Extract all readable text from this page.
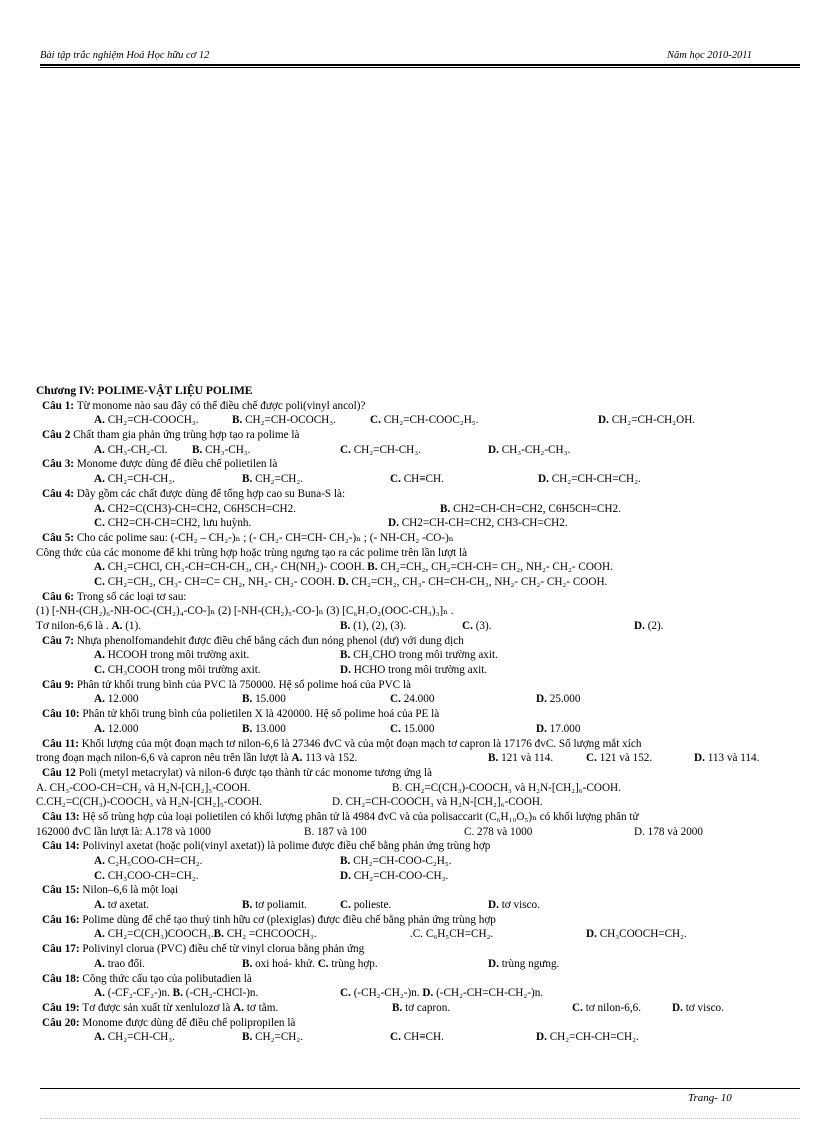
Bài tập trắc nghiệm Hoá Học hữu cơ 12	Năm học 2010-2011
Chương IV: POLIME-VẬT LIỆU POLIME
Câu 1: Từ monome nào sau đây có thể điều chế được poli(vinyl ancol)?
A. CH₂=CH-COOCH₃.	B. CH₂=CH-OCOCH₃.	C. CH₂=CH-COOC₂H₅.	D. CH₂=CH-CH₂OH.
Câu 2 Chất tham gia phản ứng trùng hợp tạo ra polime là
A. CH₃-CH₂-Cl. B. CH₃-CH₃.	C. CH₂=CH-CH₃.	D. CH₃-CH₂-CH₃.
Câu 3: Monome được dùng để điều chế polietilen là
A. CH₂=CH-CH₃.	B. CH₂=CH₂.	C. CH≡CH.	D. CH₂=CH-CH=CH₂.
Câu 4: Dãy gồm các chất được dùng để tổng hợp cao su Buna-S là:
A. CH2=C(CH3)-CH=CH2, C6H5CH=CH2.	B. CH2=CH-CH=CH2, C6H5CH=CH2.
C. CH2=CH-CH=CH2, lưu huỳnh.	D. CH2=CH-CH=CH2, CH3-CH=CH2.
Câu 5: Cho các polime sau: (-CH₂ – CH₂-)ₙ ; (- CH₂- CH=CH- CH₂-)ₙ ; (- NH-CH₂ -CO-)ₙ
Công thức của các monome để khi trùng hợp hoặc trùng ngưng tạo ra các polime trên lần lượt là
A. CH₂=CHCl, CH₃-CH=CH-CH₃, CH₃- CH(NH₂)- COOH. B. CH₂=CH₂, CH₂=CH-CH= CH₂, NH₂- CH₂- COOH.
C. CH₂=CH₂, CH₃- CH=C= CH₂, NH₂- CH₂- COOH. D. CH₂=CH₂, CH₃- CH=CH-CH₃, NH₂- CH₂- CH₂- COOH.
Câu 6: Trong số các loại tơ sau:
(1) [-NH-(CH₂)₆-NH-OC-(CH₂)₄-CO-]ₙ (2) [-NH-(CH₂)₅-CO-]ₙ (3) [C₆H₇O₂(OOC-CH₃)₃]ₙ .
Tơ nilon-6,6 là . A. (1).	B. (1), (2), (3).	C. (3).	D. (2).
Câu 7: Nhựa phenolfomandehit được điều chế bằng cách đun nóng phenol (dư) với dung dịch
A. HCOOH trong môi trường axit.	B. CH₃CHO trong môi trường axit.
C. CH₃COOH trong môi trường axit.	D. HCHO trong môi trường axit.
Câu 9: Phân tử khối trung bình của PVC là 750000. Hệ số polime hoá của PVC là
A. 12.000	B. 15.000	C. 24.000	D. 25.000
Câu 10: Phân tử khối trung bình của polietilen X là 420000. Hệ số polime hoá của PE là
A. 12.000	B. 13.000	C. 15.000	D. 17.000
Câu 11: Khối lượng của một đoạn mạch tơ nilon-6,6 là 27346 đvC và của một đoạn mạch tơ capron là 17176 đvC. Số lượng mắt xích
trong đoạn mạch nilon-6,6 và capron nêu trên lần lượt là A. 113 và 152.	B. 121 và 114.	C. 121 và 152.	D. 113 và 114.
Câu 12 Poli (metyl metacrylat) và nilon-6 được tạo thành từ các monome tương ứng là
A. CH₃-COO-CH=CH₂ và H₂N-[CH₂]₅-COOH.	B. CH₂=C(CH₃)-COOCH₃ và H₂N-[CH₂]₆-COOH.
C.CH₂=C(CH₃)-COOCH₃ và H₂N-[CH₂]₅-COOH.	D. CH₂=CH-COOCH₃ và H₂N-[CH₂]₆-COOH.
Câu 13: Hệ số trùng hợp của loại polietilen có khối lượng phân tử là 4984 đvC và của polisaccarit (C₆H₁₀O₅)ₙ có khối lượng phân tử
162000 đvC lần lượt là: A.178 và 1000	B. 187 và 100	C. 278 và 1000	D. 178 và 2000
Câu 14: Polivinyl axetat (hoặc poli(vinyl axetat)) là polime được điều chế bằng phản ứng trùng hợp
A. C₂H₅COO-CH=CH₂.	B. CH₂=CH-COO-C₂H₅.
C. CH₃COO-CH=CH₂.	D. CH₂=CH-COO-CH₃.
Câu 15: Nilon–6,6 là một loại
A. tơ axetat.	B. tơ poliamit.	C. polieste.	D. tơ visco.
Câu 16: Polime dùng để chế tạo thuỷ tinh hữu cơ (plexiglas) được điều chế bằng phản ứng trùng hợp
A. CH₂=C(CH₃)COOCH₃.B. CH₂ =CHCOOCH₃.	.C. C₆H₅CH=CH₂.	D. CH₃COOCH=CH₂.
Câu 17: Polivinyl clorua (PVC) điều chế từ vinyl clorua bằng phản ứng
A. trao đổi.	B. oxi hoá- khử. C. trùng hợp.	D. trùng ngưng.
Câu 18: Công thức cấu tạo của polibutadien là
A. (-CF₂-CF₂-)n. B. (-CH₂-CHCl-)n.	C. (-CH₂-CH₂-)n. D. (-CH₂-CH=CH-CH₂-)n.
Câu 19: Tơ được sản xuất từ xenlulozơ là A. tơ tằm.	B. tơ capron.	C. tơ nilon-6,6.	D. tơ visco.
Câu 20: Monome được dùng để điều chế polipropilen là
A. CH₂=CH-CH₃.	B. CH₂=CH₂.	C. CH≡CH.	D. CH₂=CH-CH=CH₂.
Trang- 10
